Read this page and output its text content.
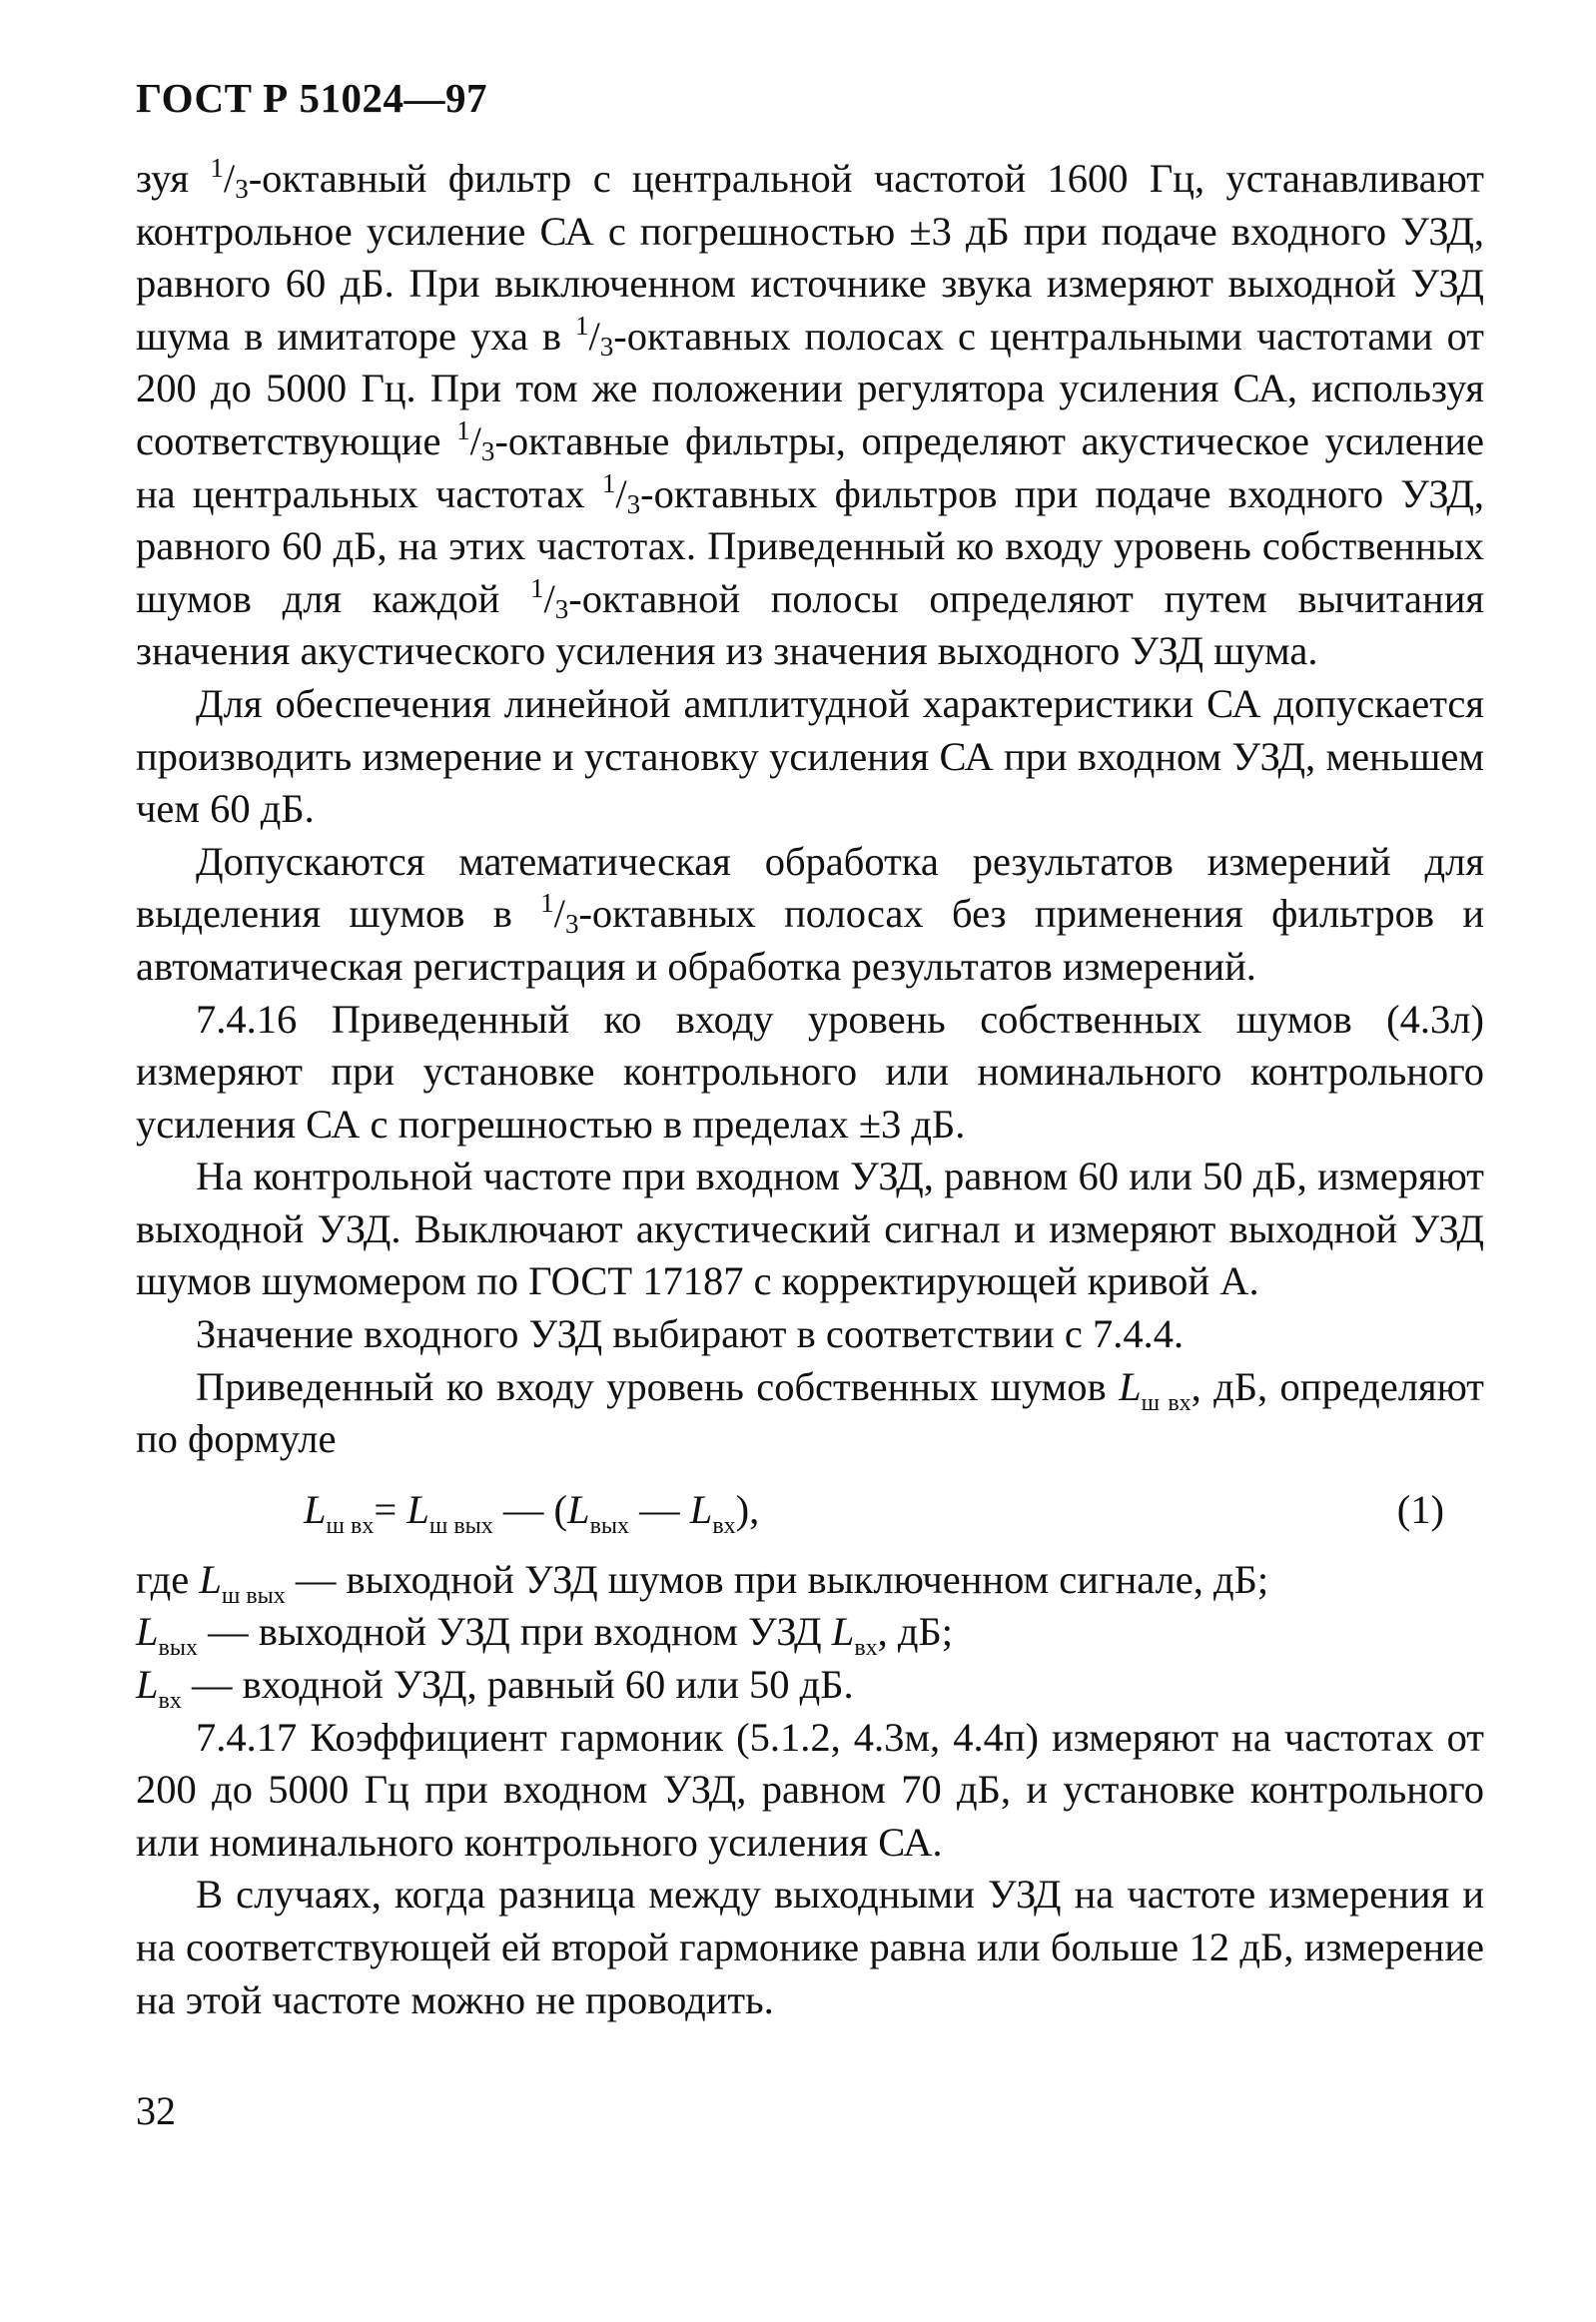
ГОСТ Р 51024—97

зуя $^1/_3$-октавный фильтр с центральной частотой 1600 Гц, устанавливают контрольное усиление СА с погрешностью ±3 дБ при подаче входного УЗД, равного 60 дБ. При выключенном источнике звука измеряют выходной УЗД шума в имитаторе уха в $^1/_3$-октавных полосах с центральными частотами от 200 до 5000 Гц. При том же положении регулятора усиления СА, используя соответствующие $^1/_3$-октавные фильтры, определяют акустическое усиление на центральных частотах $^1/_3$-октавных фильтров при подаче входного УЗД, равного 60 дБ, на этих частотах. Приведенный ко входу уровень собственных шумов для каждой $^1/_3$-октавной полосы определяют путем вычитания значения акустического усиления из значения выходного УЗД шума.

Для обеспечения линейной амплитудной характеристики СА допускается производить измерение и установку усиления СА при входном УЗД, меньшем чем 60 дБ.

Допускаются математическая обработка результатов измерений для выделения шумов в $^1/_3$-октавных полосах без применения фильтров и автоматическая регистрация и обработка результатов измерений.

7.4.16 Приведенный ко входу уровень собственных шумов (4.3л) измеряют при установке контрольного или номинального контрольного усиления СА с погрешностью в пределах ±3 дБ.

На контрольной частоте при входном УЗД, равном 60 или 50 дБ, измеряют выходной УЗД. Выключают акустический сигнал и измеряют выходной УЗД шумов шумомером по ГОСТ 17187 с корректирующей кривой А.

Значение входного УЗД выбирают в соответствии с 7.4.4.

Приведенный ко входу уровень собственных шумов $L_{ш вх}$, дБ, определяют по формуле

$L_{ш вх}= L_{ш вых}$ — ($L_{вых}$ — $L_{вх}$),	(1)

где $L_{ш вых}$ — выходной УЗД шумов при выключенном сигнале, дБ;

$L_{вых}$ — выходной УЗД при входном УЗД $L_{вх}$, дБ;

$L_{вх}$ — входной УЗД, равный 60 или 50 дБ.

7.4.17 Коэффициент гармоник (5.1.2, 4.3м, 4.4п) измеряют на частотах от 200 до 5000 Гц при входном УЗД, равном 70 дБ, и установке контрольного или номинального контрольного усиления СА.

В случаях, когда разница между выходными УЗД на частоте измерения и на соответствующей ей второй гармонике равна или больше 12 дБ, измерение на этой частоте можно не проводить.

32
